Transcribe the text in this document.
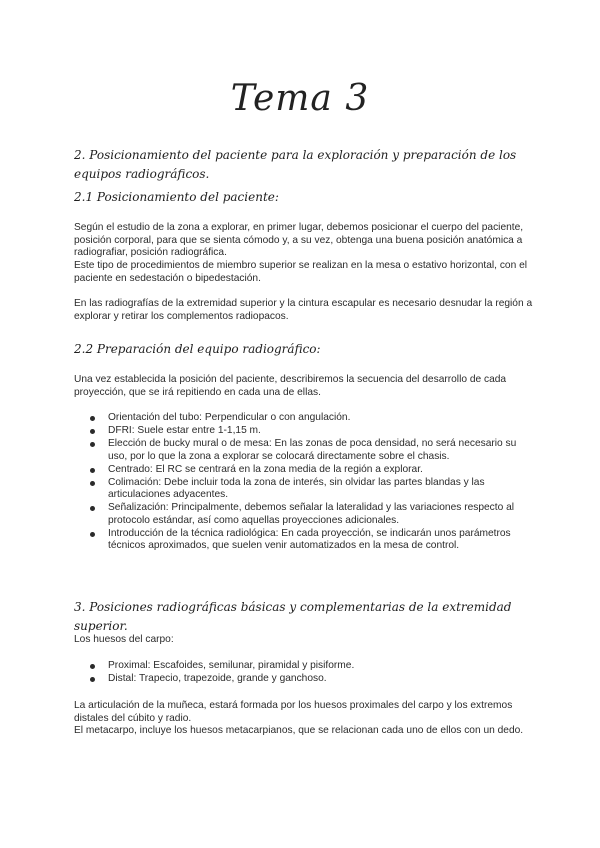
Tema 3
2. Posicionamiento del paciente para la exploración y preparación de los equipos radiográficos.
2.1 Posicionamiento del paciente:

Según el estudio de la zona a explorar, en primer lugar, debemos posicionar el cuerpo del paciente, posición corporal, para que se sienta cómodo y, a su vez, obtenga una buena posición anatómica a radiografiar, posición radiográfica.

Este tipo de procedimientos de miembro superior se realizan en la mesa o estativo horizontal, con el paciente en sedestación o bipedestación.

En las radiografías de la extremidad superior y la cintura escapular es necesario desnudar la región a explorar y retirar los complementos radiopacos.

2.2 Preparación del equipo radiográfico:

Una vez establecida la posición del paciente, describiremos la secuencia del desarrollo de cada proyección, que se irá repitiendo en cada una de ellas.

Orientación del tubo: Perpendicular o con angulación.
DFRI: Suele estar entre 1-1,15 m.
Elección de bucky mural o de mesa: En las zonas de poca densidad, no será necesario su uso, por lo que la zona a explorar se colocará directamente sobre el chasis.
Centrado: El RC se centrará en la zona media de la región a explorar.
Colimación: Debe incluir toda la zona de interés, sin olvidar las partes blandas y las articulaciones adyacentes.
Señalización: Principalmente, debemos señalar la lateralidad y las variaciones respecto al protocolo estándar, así como aquellas proyecciones adicionales.
Introducción de la técnica radiológica: En cada proyección, se indicarán unos parámetros técnicos aproximados, que suelen venir automatizados en la mesa de control.
3. Posiciones radiográficas básicas y complementarias de la extremidad superior.

Los huesos del carpo:

Proximal: Escafoides, semilunar, piramidal y pisiforme.
Distal: Trapecio, trapezoide, grande y ganchoso.

La articulación de la muñeca, estará formada por los huesos proximales del carpo y los extremos distales del cúbito y radio.

El metacarpo, incluye los huesos metacarpianos, que se relacionan cada uno de ellos con un dedo.
